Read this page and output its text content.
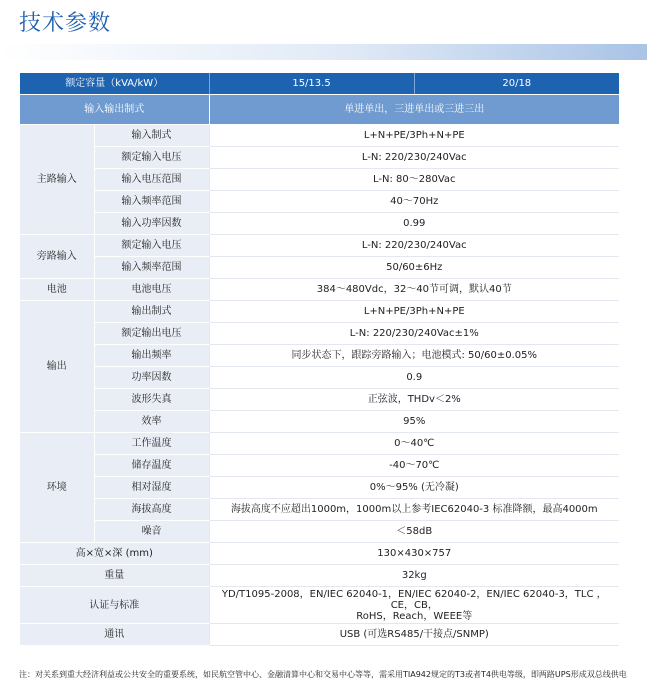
技术参数
额定容量（kVA/kW）		15/13.5	20/18
输入输出制式		单进单出，三进单出或三进三出	
主路输入	输入制式	L+N+PE/3Ph+N+PE	
	额定输入电压	L-N: 220/230/240Vac	
	输入电压范围	L-N: 80～280Vac	
	输入频率范围	40～70Hz	
	输入功率因数	0.99	
旁路输入	额定输入电压	L-N: 220/230/240Vac	
	输入频率范围	50/60±6Hz	
电池	电池电压	384～480Vdc，32～40节可调，默认40节	
输出	输出制式	L+N+PE/3Ph+N+PE	
	额定输出电压	L-N: 220/230/240Vac±1%	
	输出频率	同步状态下，跟踪旁路输入；电池模式: 50/60±0.05%	
	功率因数	0.9	
	波形失真	正弦波，THDv＜2%	
	效率	95%	
环境	工作温度	0～40℃	
	储存温度	-40～70℃	
	相对湿度	0%～95% (无冷凝)	
	海拔高度	海拔高度不应超出1000m，1000m以上参考IEC62040-3 标准降额，最高4000m	
	噪音	＜58dB	
高×宽×深 (mm)		130×430×757	
重量		32kg	
认证与标准		YD/T1095-2008，EN/IEC 62040-1，EN/IEC 62040-2，EN/IEC 62040-3，TLC ，CE，CB，
RoHS，Reach，WEEE等	

通讯		USB (可选RS485/干接点/SNMP)	
注：对关系到重大经济利益或公共安全的重要系统，如民航空管中心、金融清算中心和交易中心等等，需采用TIA942规定的T3或者T4供电等级，即两路UPS形成双总线供电
